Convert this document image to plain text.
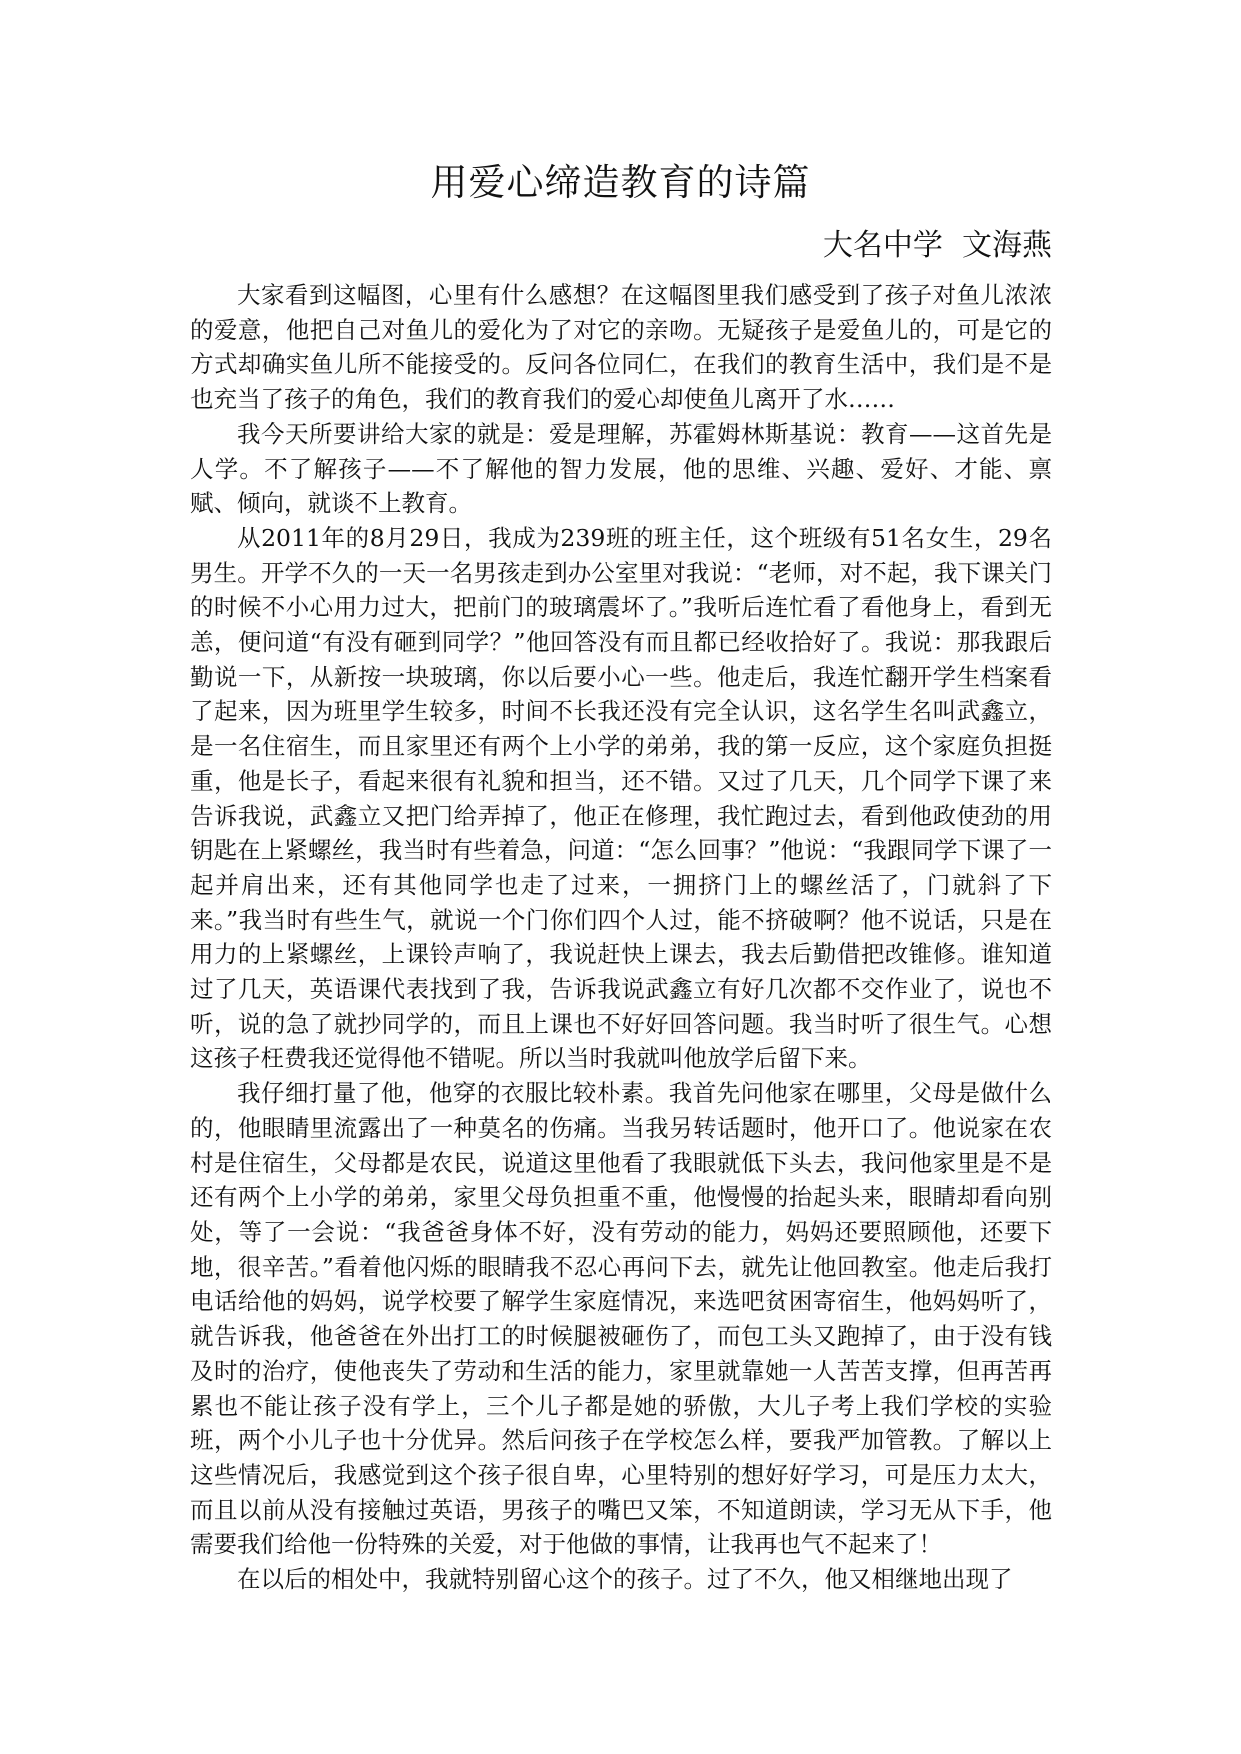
用爱心缔造教育的诗篇
大名中学  文海燕

大家看到这幅图，心里有什么感想？在这幅图里我们感受到了孩子对鱼儿浓浓的爱意，他把自己对鱼儿的爱化为了对它的亲吻。无疑孩子是爱鱼儿的，可是它的方式却确实鱼儿所不能接受的。反问各位同仁，在我们的教育生活中，我们是不是也充当了孩子的角色，我们的教育我们的爱心却使鱼儿离开了水……

我今天所要讲给大家的就是：爱是理解，苏霍姆林斯基说：教育——这首先是人学。不了解孩子——不了解他的智力发展，他的思维、兴趣、爱好、才能、禀赋、倾向，就谈不上教育。

从2011年的8月29日，我成为239班的班主任，这个班级有51名女生，29名男生。开学不久的一天一名男孩走到办公室里对我说：“老师，对不起，我下课关门的时候不小心用力过大，把前门的玻璃震坏了。”我听后连忙看了看他身上，看到无恙，便问道“有没有砸到同学？”他回答没有而且都已经收拾好了。我说：那我跟后勤说一下，从新按一块玻璃，你以后要小心一些。他走后，我连忙翻开学生档案看了起来，因为班里学生较多，时间不长我还没有完全认识，这名学生名叫武鑫立，是一名住宿生，而且家里还有两个上小学的弟弟，我的第一反应，这个家庭负担挺重，他是长子，看起来很有礼貌和担当，还不错。又过了几天，几个同学下课了来告诉我说，武鑫立又把门给弄掉了，他正在修理，我忙跑过去，看到他政使劲的用钥匙在上紧螺丝，我当时有些着急，问道：“怎么回事？”他说：“我跟同学下课了一起并肩出来，还有其他同学也走了过来，一拥挤门上的螺丝活了，门就斜了下来。”我当时有些生气，就说一个门你们四个人过，能不挤破啊？他不说话，只是在用力的上紧螺丝，上课铃声响了，我说赶快上课去，我去后勤借把改锥修。谁知道过了几天，英语课代表找到了我，告诉我说武鑫立有好几次都不交作业了，说也不听，说的急了就抄同学的，而且上课也不好好回答问题。我当时听了很生气。心想这孩子枉费我还觉得他不错呢。所以当时我就叫他放学后留下来。

我仔细打量了他，他穿的衣服比较朴素。我首先问他家在哪里，父母是做什么的，他眼睛里流露出了一种莫名的伤痛。当我另转话题时，他开口了。他说家在农村是住宿生，父母都是农民，说道这里他看了我眼就低下头去，我问他家里是不是还有两个上小学的弟弟，家里父母负担重不重，他慢慢的抬起头来，眼睛却看向别处，等了一会说：“我爸爸身体不好，没有劳动的能力，妈妈还要照顾他，还要下地，很辛苦。”看着他闪烁的眼睛我不忍心再问下去，就先让他回教室。他走后我打电话给他的妈妈，说学校要了解学生家庭情况，来选吧贫困寄宿生，他妈妈听了，就告诉我，他爸爸在外出打工的时候腿被砸伤了，而包工头又跑掉了，由于没有钱及时的治疗，使他丧失了劳动和生活的能力，家里就靠她一人苦苦支撑，但再苦再累也不能让孩子没有学上，三个儿子都是她的骄傲，大儿子考上我们学校的实验班，两个小儿子也十分优异。然后问孩子在学校怎么样，要我严加管教。了解以上这些情况后，我感觉到这个孩子很自卑，心里特别的想好好学习，可是压力太大，而且以前从没有接触过英语，男孩子的嘴巴又笨，不知道朗读，学习无从下手，他需要我们给他一份特殊的关爱，对于他做的事情，让我再也气不起来了！

在以后的相处中，我就特别留心这个的孩子。过了不久，他又相继地出现了
